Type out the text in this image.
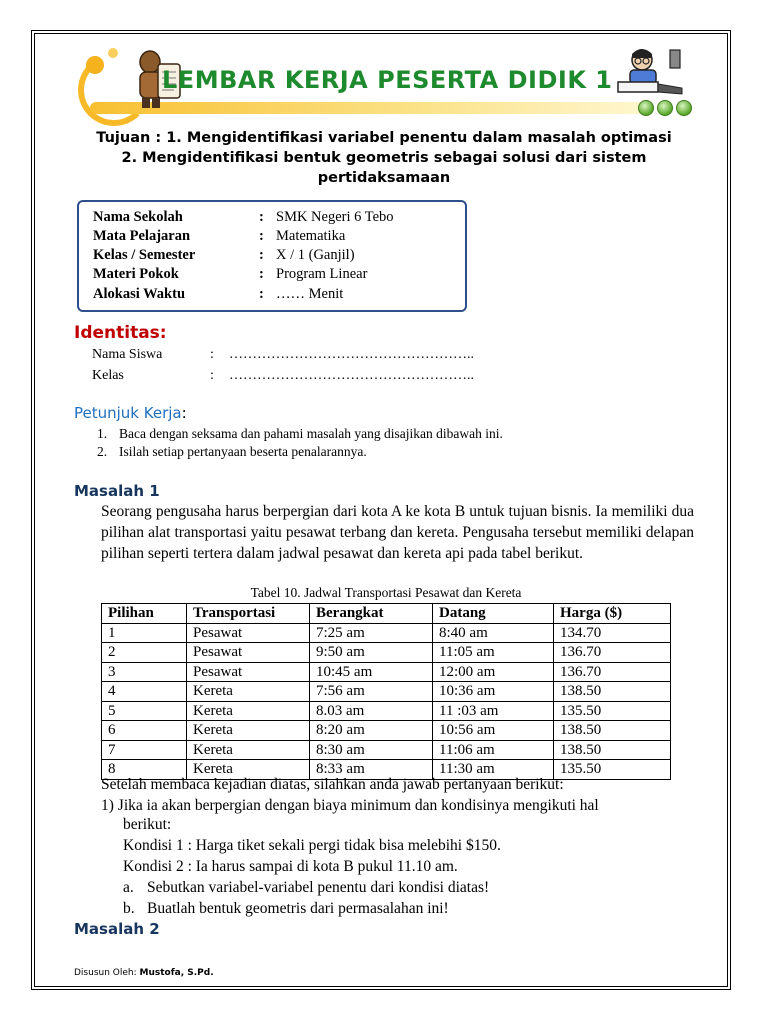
LEMBAR KERJA PESERTA DIDIK 1
Tujuan : 1. Mengidentifikasi variabel penentu dalam masalah optimasi
2. Mengidentifikasi bentuk geometris sebagai solusi dari sistem
pertidaksamaan
Nama Sekolah	: SMK Negeri 6 Tebo
Mata Pelajaran	: Matematika
Kelas / Semester	: X / 1 (Ganjil)
Materi Pokok	: Program Linear
Alokasi Waktu	: …… Menit
Identitas:
Nama Siswa	: ……………………………………………..
Kelas	: ……………………………………………..
Petunjuk Kerja:
1. Baca dengan seksama dan pahami masalah yang disajikan dibawah ini.
2. Isilah setiap pertanyaan beserta penalarannya.
Masalah 1
Seorang pengusaha harus berpergian dari kota A ke kota B untuk tujuan bisnis. Ia memiliki dua pilihan alat transportasi yaitu pesawat terbang dan kereta. Pengusaha tersebut memiliki delapan pilihan seperti tertera dalam jadwal pesawat dan kereta api pada tabel berikut.
Tabel 10. Jadwal Transportasi Pesawat dan Kereta
Pilihan	Transportasi	Berangkat	Datang	Harga ($)
1	Pesawat	7:25 am	8:40 am	134.70
2	Pesawat	9:50 am	11:05 am	136.70
3	Pesawat	10:45 am	12:00 am	136.70
4	Kereta	7:56 am	10:36 am	138.50
5	Kereta	8.03 am	11 :03 am	135.50
6	Kereta	8:20 am	10:56 am	138.50
7	Kereta	8:30 am	11:06 am	138.50
8	Kereta	8:33 am	11:30 am	135.50
Setelah membaca kejadian diatas, silahkan anda jawab pertanyaan berikut:
1) Jika ia akan berpergian dengan biaya minimum dan kondisinya mengikuti hal
berikut:
Kondisi 1 : Harga tiket sekali pergi tidak bisa melebihi $150.
Kondisi 2 : Ia harus sampai di kota B pukul 11.10 am.
a. Sebutkan variabel-variabel penentu dari kondisi diatas!
b. Buatlah bentuk geometris dari permasalahan ini!
Masalah 2
Disusun Oleh: Mustofa, S.Pd.
